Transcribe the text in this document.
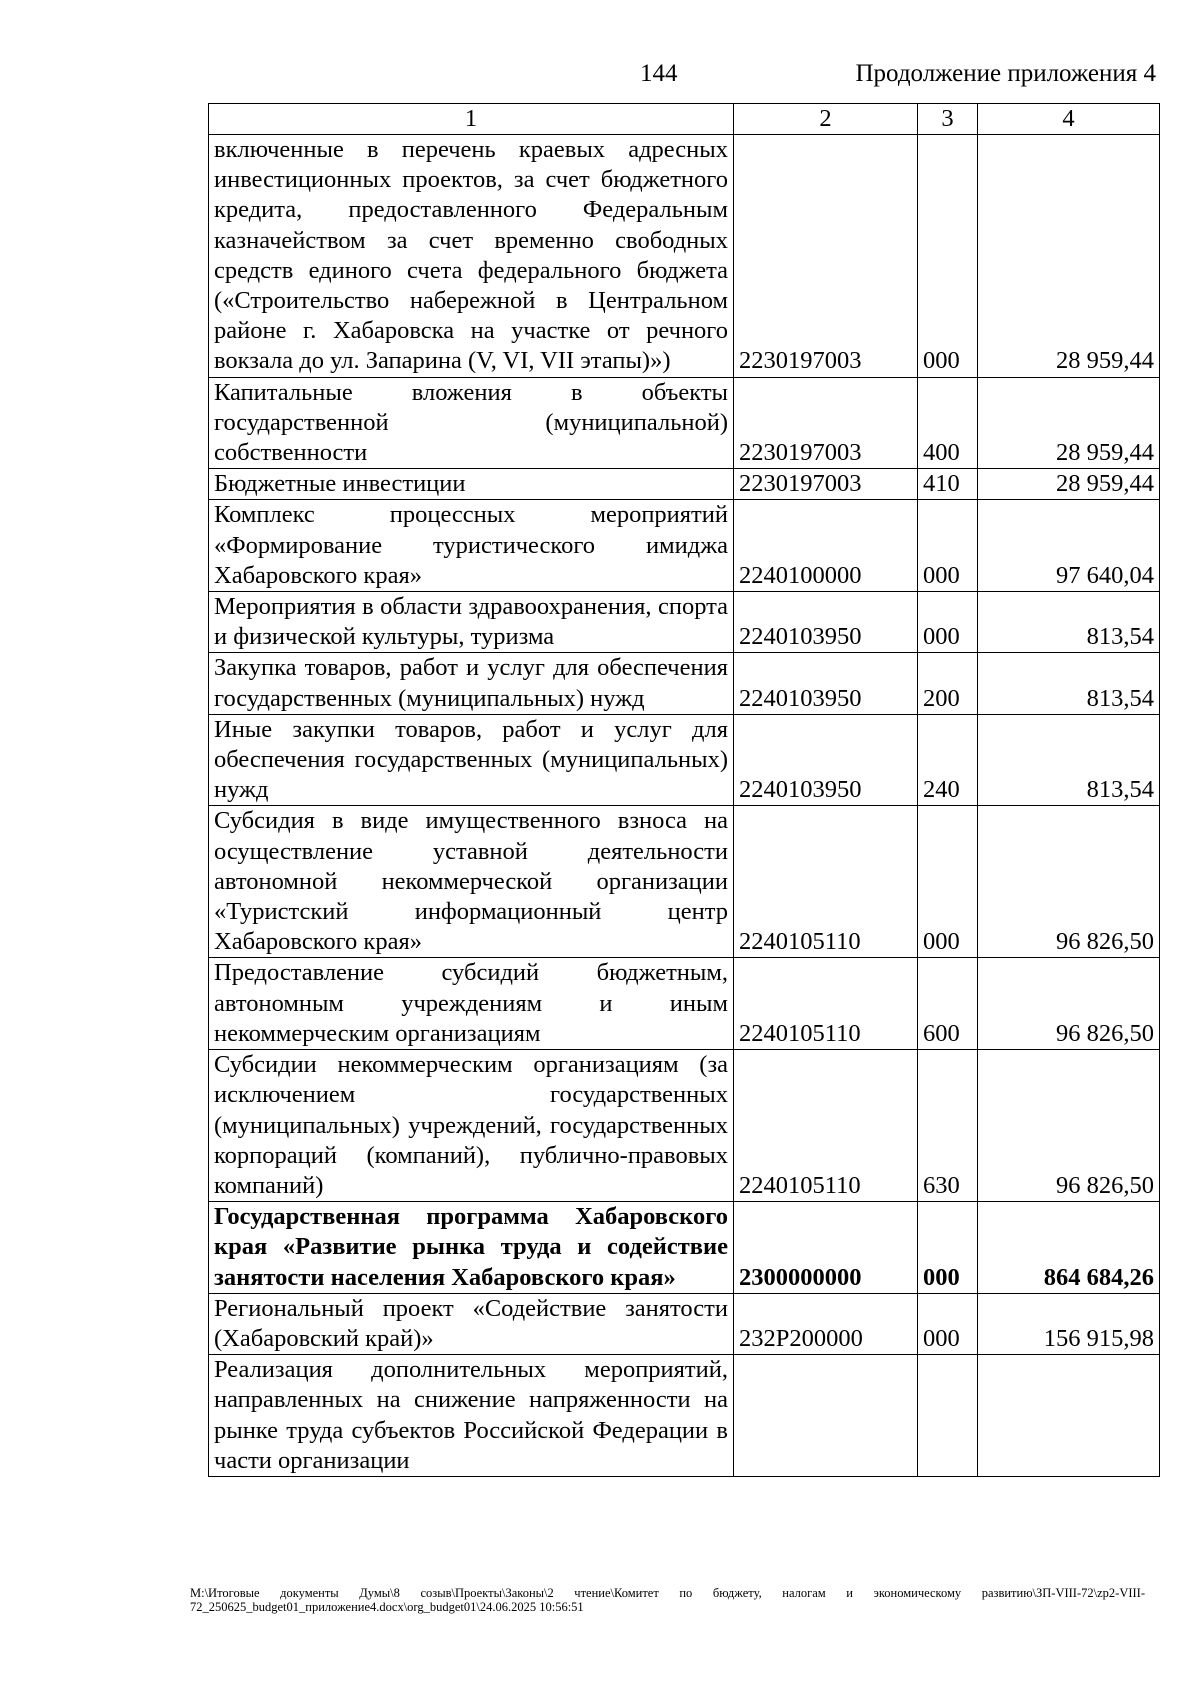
144	Продолжение приложения 4
1	2	3	4
включенные в перечень краевых адресных инвестиционных проектов, за счет бюджетного кредита, предоставленного Федеральным казначейством за счет временно свободных средств единого счета федерального бюджета («Строительство набережной в Центральном районе г. Хабаровска на участке от речного вокзала до ул. Запарина (V, VI, VII этапы)»)	2230197003	000	28 959,44
Капитальные вложения в объекты государственной (муниципальной) собственности	2230197003	400	28 959,44
Бюджетные инвестиции	2230197003	410	28 959,44
Комплекс процессных мероприятий «Формирование туристического имиджа Хабаровского края»	2240100000	000	97 640,04
Мероприятия в области здравоохранения, спорта и физической культуры, туризма	2240103950	000	813,54
Закупка товаров, работ и услуг для обеспечения государственных (муниципальных) нужд	2240103950	200	813,54
Иные закупки товаров, работ и услуг для обеспечения государственных (муниципальных) нужд	2240103950	240	813,54
Субсидия в виде имущественного взноса на осуществление уставной деятельности автономной некоммерческой организации «Туристский информационный центр Хабаровского края»	2240105110	000	96 826,50
Предоставление субсидий бюджетным, автономным учреждениям и иным некоммерческим организациям	2240105110	600	96 826,50
Субсидии некоммерческим организациям (за исключением государственных (муниципальных) учреждений, государственных корпораций (компаний), публично-правовых компаний)	2240105110	630	96 826,50
Государственная программа Хабаровского края «Развитие рынка труда и содействие занятости населения Хабаровского края»	2300000000	000	864 684,26
Региональный проект «Содействие занятости (Хабаровский край)»	232P200000	000	156 915,98
Реализация дополнительных мероприятий, направленных на снижение напряженности на рынке труда субъектов Российской Федерации в части организации			
М:\Итоговые документы Думы\8 созыв\Проекты\Законы\2 чтение\Комитет по бюджету, налогам и экономическому развитию\ЗП-VIII-72\zp2-VIII-72_250625_budget01_приложение4.docx\org_budget01\24.06.2025 10:56:51
